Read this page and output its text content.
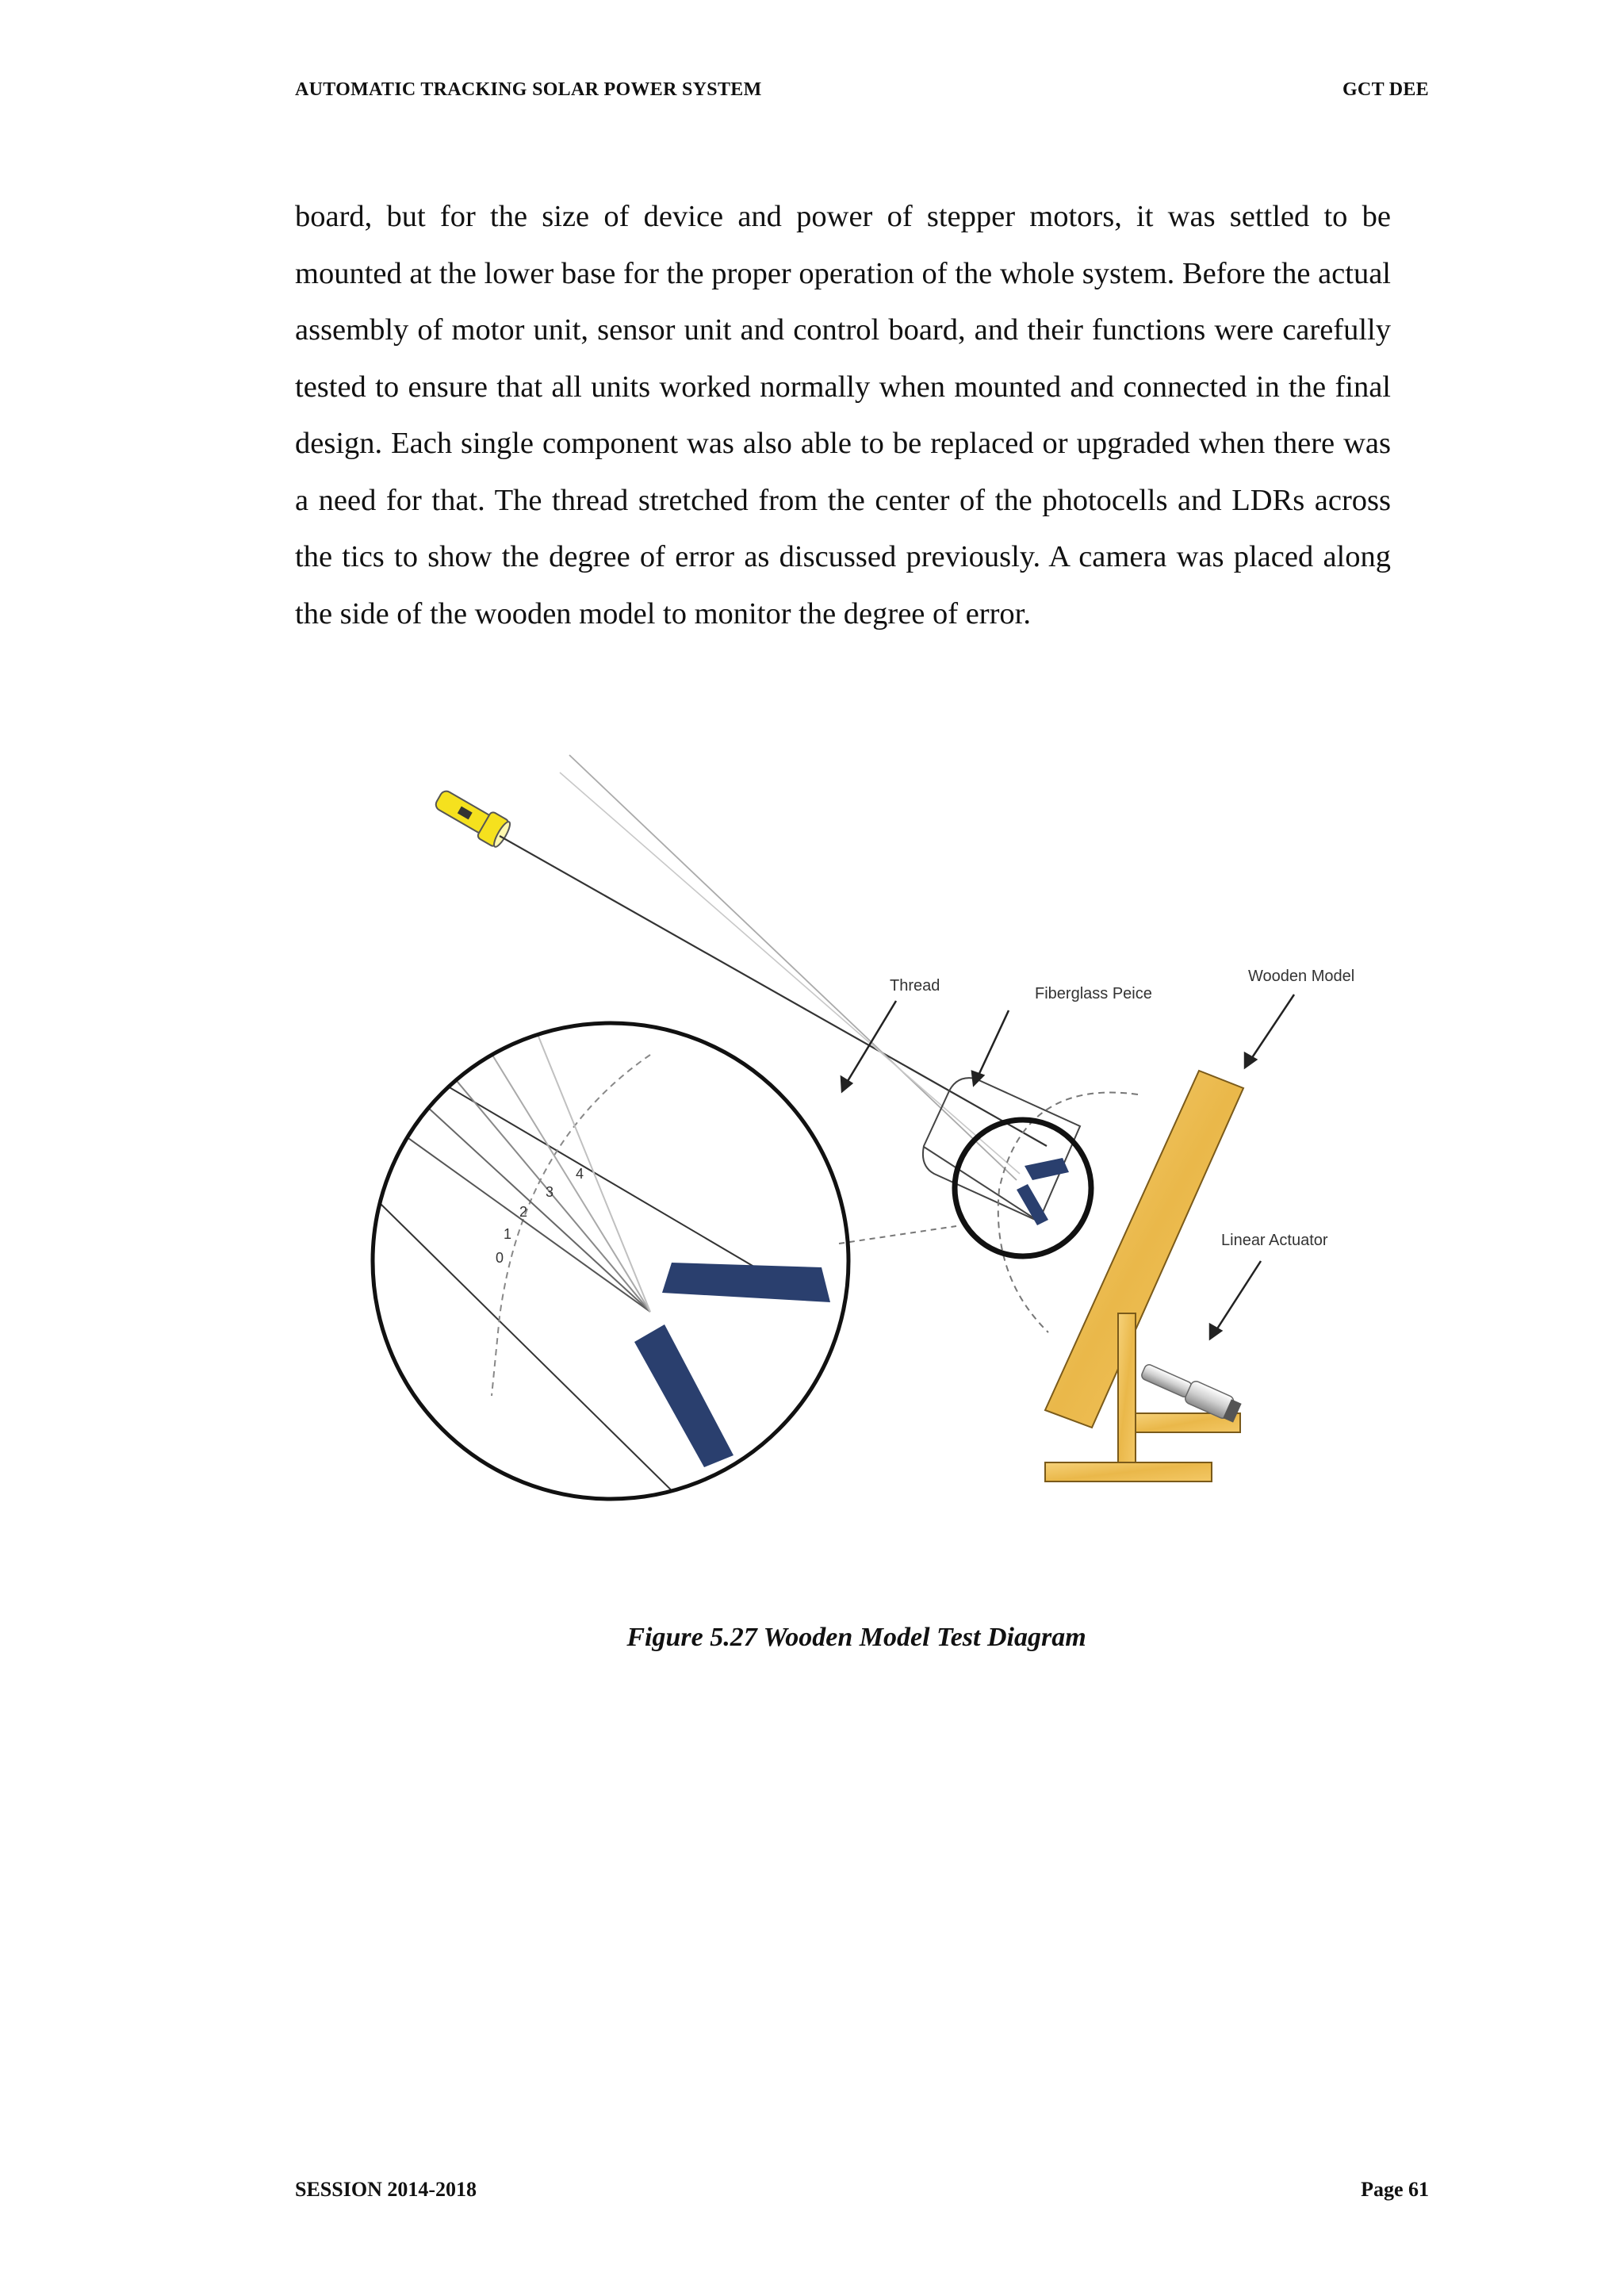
AUTOMATIC TRACKING SOLAR POWER SYSTEM	GCT DEE

board, but for the size of device and power of stepper motors, it was settled to be mounted at the lower base for the proper operation of the whole system. Before the actual assembly of motor unit, sensor unit and control board, and their functions were carefully tested to ensure that all units worked normally when mounted and connected in the final design. Each single component was also able to be replaced or upgraded when there was a need for that. The thread stretched from the center of the photocells and LDRs across the tics to show the degree of error as discussed previously. A camera was placed along the side of the wooden model to monitor the degree of error.

0
1
2
3
4
Thread	Fiberglass Peice
Wooden Model
Linear Actuator
Figure 5.27 Wooden Model Test Diagram
SESSION 2014-2018	Page 61
